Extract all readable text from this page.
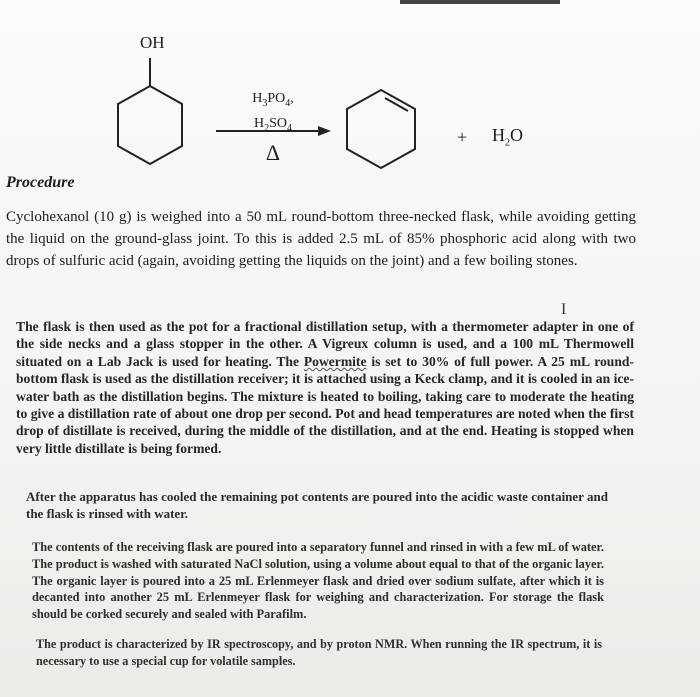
OH
$H_3PO_4$,
$H_2SO_4$
Δ
+ $H_2O$
Procedure

Cyclohexanol (10 g) is weighed into a 50 mL round-bottom three-necked flask, while avoiding getting the liquid on the ground-glass joint. To this is added 2.5 mL of 85% phosphoric acid along with two drops of sulfuric acid (again, avoiding getting the liquids on the joint) and a few boiling stones.

I

The flask is then used as the pot for a fractional distillation setup, with a thermometer adapter in one of the side necks and a glass stopper in the other. A Vigreux column is used, and a 100 mL Thermowell situated on a Lab Jack is used for heating. The Powermite is set to 30% of full power. A 25 mL round-bottom flask is used as the distillation receiver; it is attached using a Keck clamp, and it is cooled in an ice-water bath as the distillation begins. The mixture is heated to boiling, taking care to moderate the heating to give a distillation rate of about one drop per second. Pot and head temperatures are noted when the first drop of distillate is received, during the middle of the distillation, and at the end. Heating is stopped when very little distillate is being formed.

After the apparatus has cooled the remaining pot contents are poured into the acidic waste container and the flask is rinsed with water.

The contents of the receiving flask are poured into a separatory funnel and rinsed in with a few mL of water. The product is washed with saturated NaCl solution, using a volume about equal to that of the organic layer. The organic layer is poured into a 25 mL Erlenmeyer flask and dried over sodium sulfate, after which it is decanted into another 25 mL Erlenmeyer flask for weighing and characterization. For storage the flask should be corked securely and sealed with Parafilm.

The product is characterized by IR spectroscopy, and by proton NMR. When running the IR spectrum, it is necessary to use a special cup for volatile samples.
